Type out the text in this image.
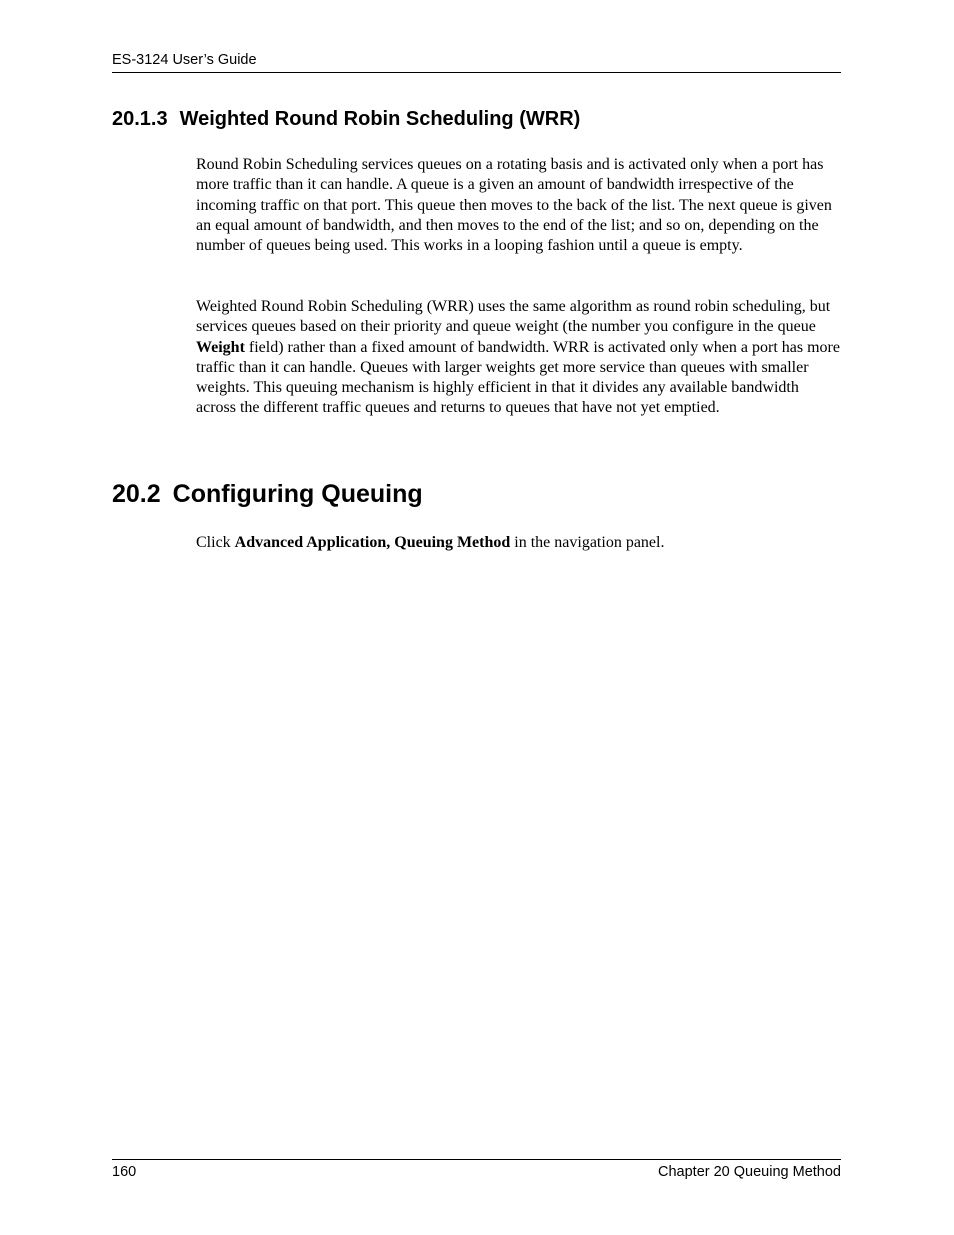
ES-3124 User’s Guide
20.1.3 Weighted Round Robin Scheduling (WRR)

Round Robin Scheduling services queues on a rotating basis and is activated only when a port has more traffic than it can handle. A queue is a given an amount of bandwidth irrespective of the incoming traffic on that port. This queue then moves to the back of the list. The next queue is given an equal amount of bandwidth, and then moves to the end of the list; and so on, depending on the number of queues being used. This works in a looping fashion until a queue is empty.

Weighted Round Robin Scheduling (WRR) uses the same algorithm as round robin scheduling, but services queues based on their priority and queue weight (the number you configure in the queue Weight field) rather than a fixed amount of bandwidth. WRR is activated only when a port has more traffic than it can handle. Queues with larger weights get more service than queues with smaller weights. This queuing mechanism is highly efficient in that it divides any available bandwidth across the different traffic queues and returns to queues that have not yet emptied.

20.2 Configuring Queuing

Click Advanced Application, Queuing Method in the navigation panel.

160	Chapter 20 Queuing Method
